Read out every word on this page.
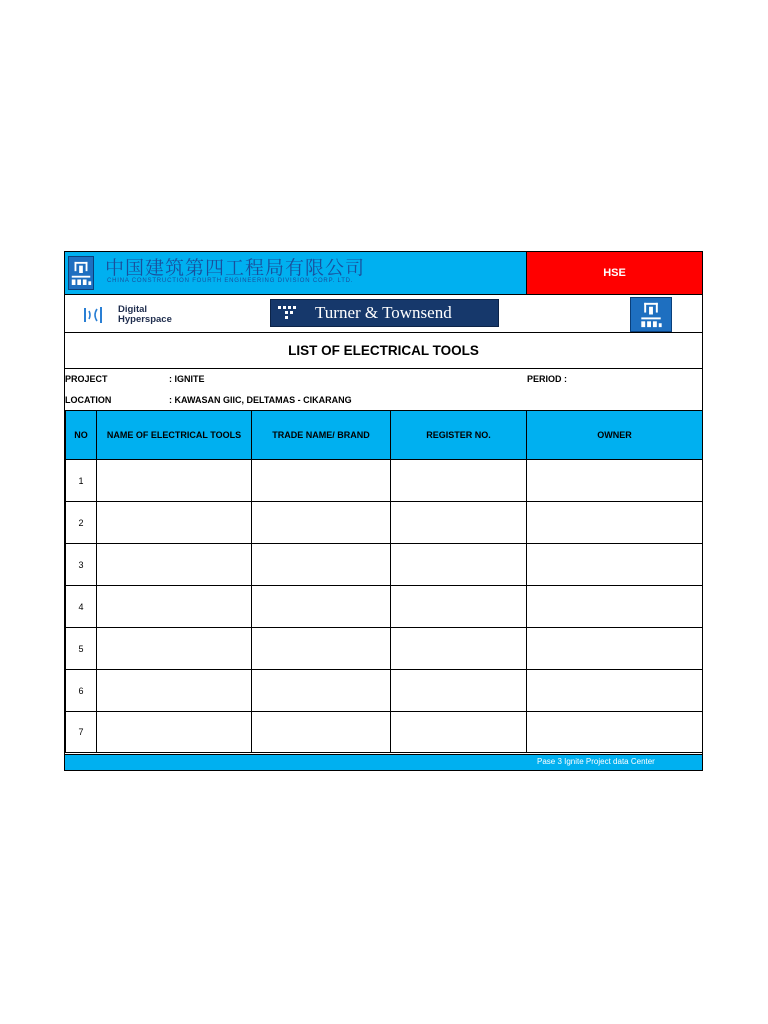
中国建筑第四工程局有限公司
CHINA CONSTRUCTION FOURTH ENGINEERING DIVISION CORP. LTD.
HSE
Digital
Hyperspace	Turner & Townsend
LIST OF ELECTRICAL TOOLS
PROJECT	: IGNITE	PERIOD :
LOCATION	: KAWASAN GIIC, DELTAMAS - CIKARANG
NO	NAME OF ELECTRICAL TOOLS	TRADE NAME/ BRAND	REGISTER NO.	OWNER
1				
2				
3				
4				
5				
6				
7				
Pase 3 Ignite Project data Center
